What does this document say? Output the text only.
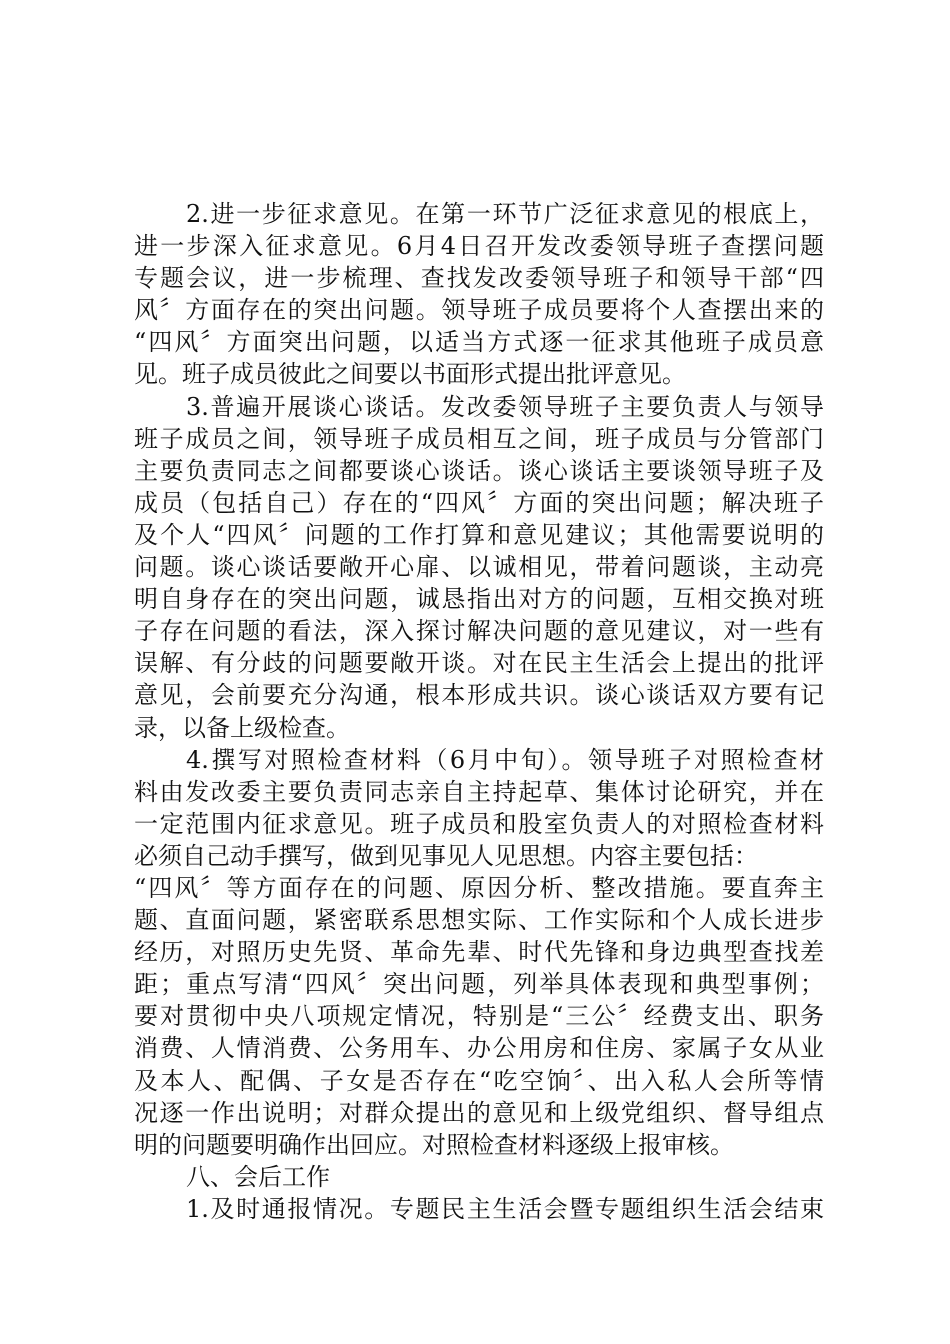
2.进一步征求意见。在第一环节广泛征求意见的根底上，
进一步深入征求意见。6月4日召开发改委领导班子查摆问题
专题会议，进一步梳理、查找发改委领导班子和领导干部“四
风〞方面存在的突出问题。领导班子成员要将个人查摆出来的
“四风〞方面突出问题，以适当方式逐一征求其他班子成员意
见。班子成员彼此之间要以书面形式提出批评意见。
3.普遍开展谈心谈话。发改委领导班子主要负责人与领导
班子成员之间，领导班子成员相互之间，班子成员与分管部门
主要负责同志之间都要谈心谈话。谈心谈话主要谈领导班子及
成员（包括自己）存在的“四风〞方面的突出问题；解决班子
及个人“四风〞问题的工作打算和意见建议；其他需要说明的
问题。谈心谈话要敞开心扉、以诚相见，带着问题谈，主动亮
明自身存在的突出问题，诚恳指出对方的问题，互相交换对班
子存在问题的看法，深入探讨解决问题的意见建议，对一些有
误解、有分歧的问题要敞开谈。对在民主生活会上提出的批评
意见，会前要充分沟通，根本形成共识。谈心谈话双方要有记
录，以备上级检查。
4.撰写对照检查材料（6月中旬）。领导班子对照检查材
料由发改委主要负责同志亲自主持起草、集体讨论研究，并在
一定范围内征求意见。班子成员和股室负责人的对照检查材料
必须自己动手撰写，做到见事见人见思想。内容主要包括：
“四风〞等方面存在的问题、原因分析、整改措施。要直奔主
题、直面问题，紧密联系思想实际、工作实际和个人成长进步
经历，对照历史先贤、革命先辈、时代先锋和身边典型查找差
距；重点写清“四风〞突出问题，列举具体表现和典型事例；
要对贯彻中央八项规定情况，特别是“三公〞经费支出、职务
消费、人情消费、公务用车、办公用房和住房、家属子女从业
及本人、配偶、子女是否存在“吃空饷〞、出入私人会所等情
况逐一作出说明；对群众提出的意见和上级党组织、督导组点
明的问题要明确作出回应。对照检查材料逐级上报审核。
八、会后工作
1.及时通报情况。专题民主生活会暨专题组织生活会结束
